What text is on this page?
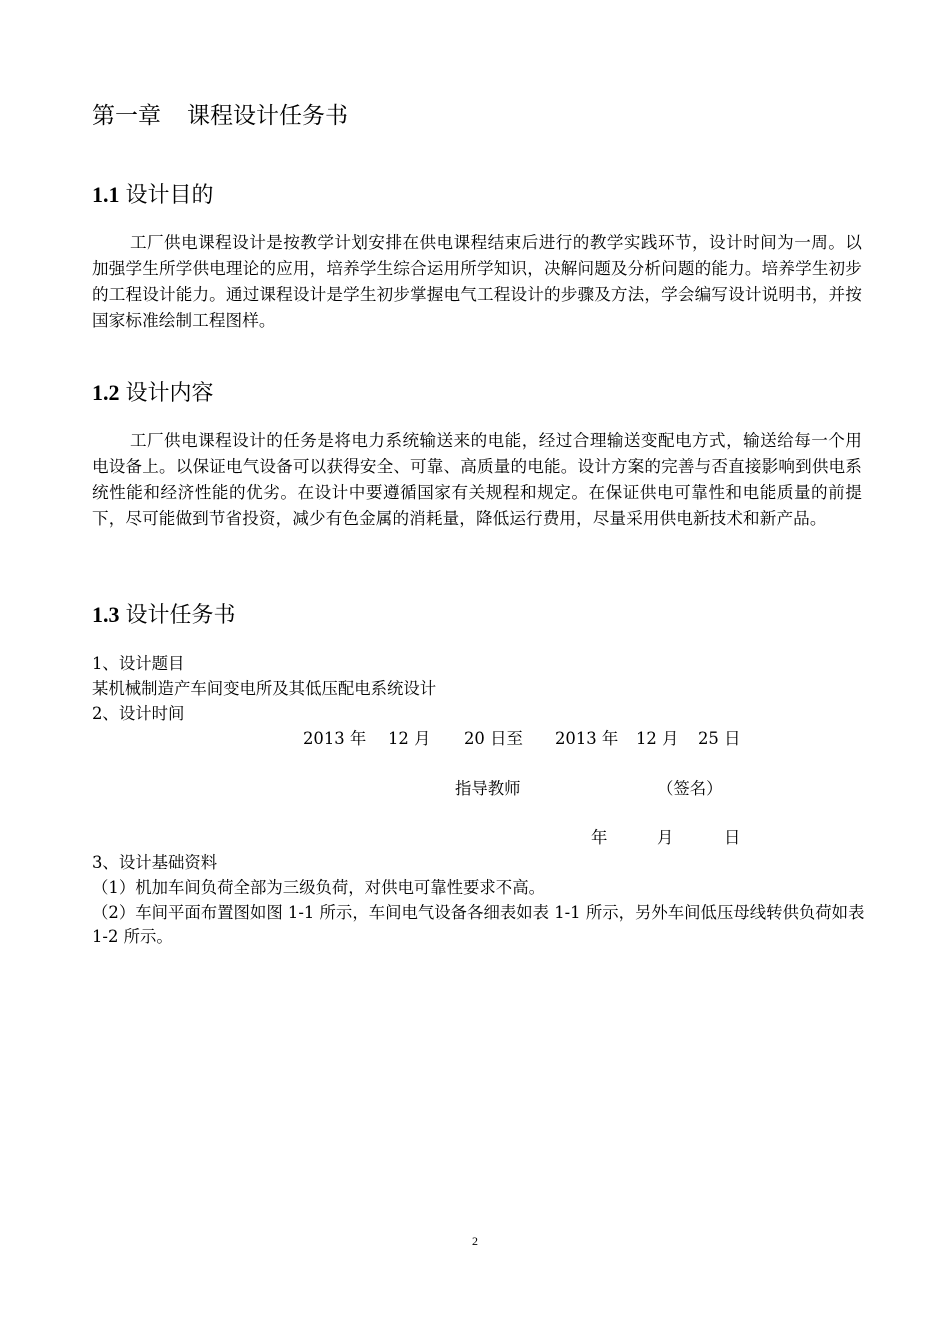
第一章 课程设计任务书
1.1 设计目的
工厂供电课程设计是按教学计划安排在供电课程结束后进行的教学实践环节，设计时间为一周。以加强学生所学供电理论的应用，培养学生综合运用所学知识，决解问题及分析问题的能力。培养学生初步的工程设计能力。通过课程设计是学生初步掌握电气工程设计的步骤及方法，学会编写设计说明书，并按国家标准绘制工程图样。
1.2 设计内容
工厂供电课程设计的任务是将电力系统输送来的电能，经过合理输送变配电方式，输送给每一个用电设备上。以保证电气设备可以获得安全、可靠、高质量的电能。设计方案的完善与否直接影响到供电系统性能和经济性能的优劣。在设计中要遵循国家有关规程和规定。在保证供电可靠性和电能质量的前提下，尽可能做到节省投资，减少有色金属的消耗量，降低运行费用，尽量采用供电新技术和新产品。
1.3 设计任务书
1、设计题目
某机械制造产车间变电所及其低压配电系统设计
2、设计时间
2013 年 12 月 20 日至 2013 年 12 月 25 日
指导教师	（签名）
年	月	日
3、设计基础资料
（1）机加车间负荷全部为三级负荷，对供电可靠性要求不高。
（2）车间平面布置图如图 1-1 所示，车间电气设备各细表如表 1-1 所示，另外车间低压母线转供负荷如表 1-2 所示。
2
